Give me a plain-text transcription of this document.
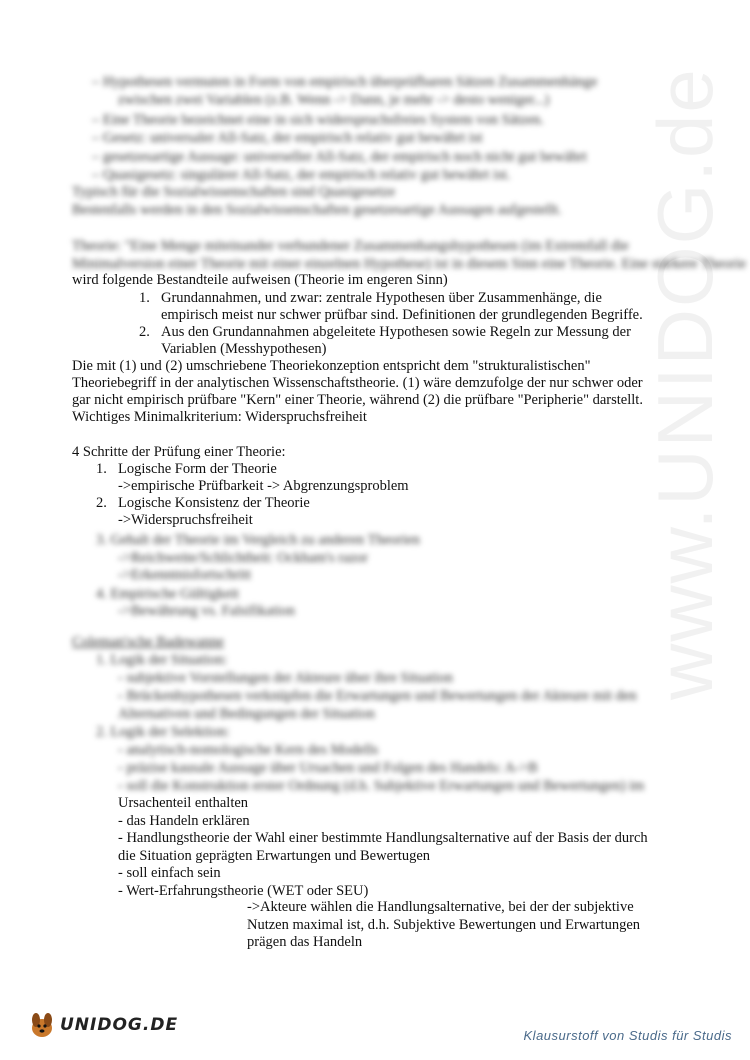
www.UNIDOG.de
– Hypothesen vermuten in Form von empirisch überprüfbaren Sätzen Zusammenhänge
zwischen zwei Variablen (z.B. Wenn -> Dann, je mehr -> desto weniger...)
– Eine Theorie bezeichnet eine in sich widerspruchsfreies System von Sätzen.
– Gesetz: universaler All-Satz, der empirisch relativ gut bewährt ist
– gesetzesartige Aussage: universeller All-Satz, der empirisch noch nicht gut bewährt
– Quasigesetz: singulärer All-Satz, der empirisch relativ gut bewährt ist.
Typisch für die Sozialwissenschaften sind Quasigesetze
Bestenfalls werden in den Sozialwissenschaften gesetzesartige Aussagen aufgestellt.
Theorie: "Eine Menge miteinander verbundener Zusammenhangshypothesen (im Extremfall die
Minimalversion einer Theorie mit einer einzelnen Hypothese) ist in diesem Sinn eine Theorie. Eine stärkere Theorie
wird folgende Bestandteile aufweisen (Theorie im engeren Sinn)
1. Grundannahmen, und zwar: zentrale Hypothesen über Zusammenhänge, die
empirisch meist nur schwer prüfbar sind. Definitionen der grundlegenden Begriffe.
2. Aus den Grundannahmen abgeleitete Hypothesen sowie Regeln zur Messung der
Variablen (Messhypothesen)
Die mit (1) und (2) umschriebene Theoriekonzeption entspricht dem "strukturalistischen"
Theoriebegriff in der analytischen Wissenschaftstheorie. (1) wäre demzufolge der nur schwer oder
gar nicht empirisch prüfbare "Kern" einer Theorie, während (2) die prüfbare "Peripherie" darstellt.
Wichtiges Minimalkriterium: Widerspruchsfreiheit
4 Schritte der Prüfung einer Theorie:
1. Logische Form der Theorie
->empirische Prüfbarkeit -> Abgrenzungsproblem
2. Logische Konsistenz der Theorie
->Widerspruchsfreiheit
3. Gehalt der Theorie im Vergleich zu anderen Theorien
->Reichweite/Schlichtheit: Ockham's razor
->Erkenntnisfortschritt
4. Empirische Gültigkeit
->Bewährung vs. Falsifikation
Coleman'sche Badewanne
1. Logik der Situation:
- subjektive Vorstellungen der Akteure über ihre Situation
- Brückenhypothesen verknüpfen die Erwartungen und Bewertungen der Akteure mit den
Alternativen und Bedingungen der Situation
2. Logik der Selektion:
- analytisch-nomologische Kern des Modells
- präzise kausale Aussage über Ursachen und Folgen des Handels: A->B
- soll die Konstruktion erster Ordnung (d.h. Subjektive Erwartungen und Bewertungen) im
Ursachenteil enthalten
- das Handeln erklären
- Handlungstheorie der Wahl einer bestimmte Handlungsalternative auf der Basis der durch
die Situation geprägten Erwartungen und Bewertugen
- soll einfach sein
- Wert-Erfahrungstheorie (WET oder SEU)
->Akteure wählen die Handlungsalternative, bei der der subjektive
Nutzen maximal ist, d.h. Subjektive Bewertungen und Erwartungen
prägen das Handeln
UNIDOG.DE
Klausurstoff von Studis für Studis
